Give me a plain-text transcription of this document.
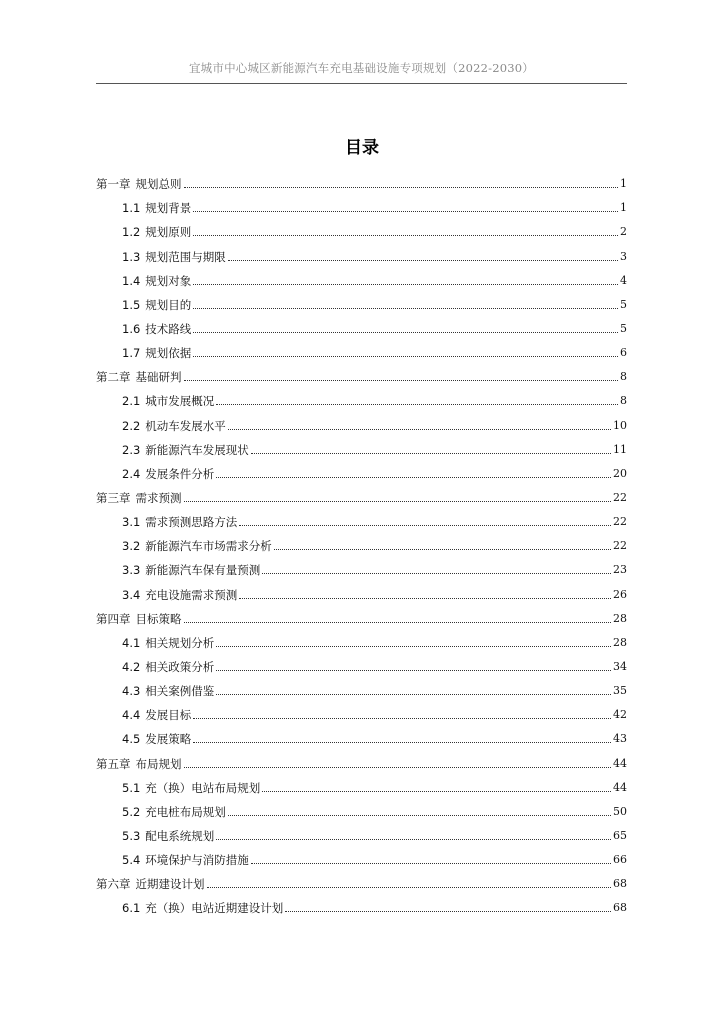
宜城市中心城区新能源汽车充电基础设施专项规划（2022-2030）
目录
第一章 规划总则	1
1.1 规划背景	1
1.2 规划原则	2
1.3 规划范围与期限	3
1.4 规划对象	4
1.5 规划目的	5
1.6 技术路线	5
1.7 规划依据	6
第二章 基础研判	8
2.1 城市发展概况	8
2.2 机动车发展水平	10
2.3 新能源汽车发展现状	11
2.4 发展条件分析	20
第三章 需求预测	22
3.1 需求预测思路方法	22
3.2 新能源汽车市场需求分析	22
3.3 新能源汽车保有量预测	23
3.4 充电设施需求预测	26
第四章 目标策略	28
4.1 相关规划分析	28
4.2 相关政策分析	34
4.3 相关案例借鉴	35
4.4 发展目标	42
4.5 发展策略	43
第五章 布局规划	44
5.1 充（换）电站布局规划	44
5.2 充电桩布局规划	50
5.3 配电系统规划	65
5.4 环境保护与消防措施	66
第六章 近期建设计划	68
6.1 充（换）电站近期建设计划	68
